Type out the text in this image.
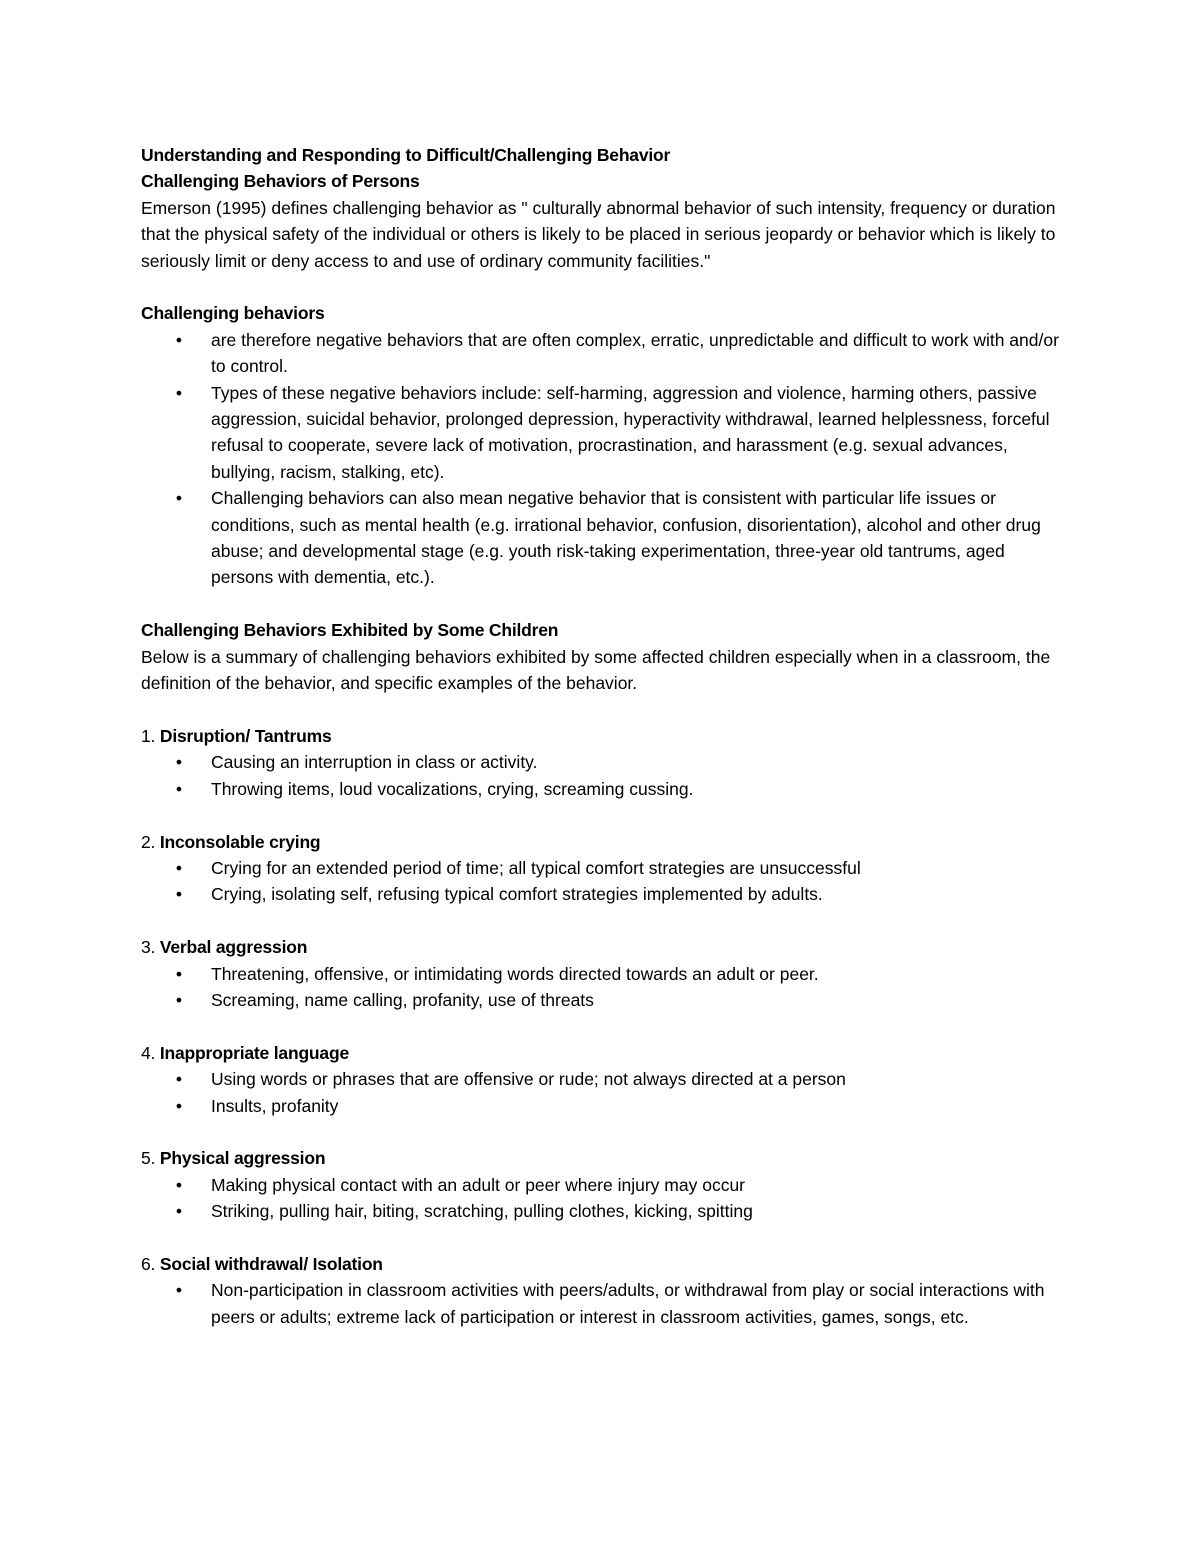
Understanding and Responding to Difficult/Challenging Behavior

Challenging Behaviors of Persons

Emerson (1995) defines challenging behavior as " culturally abnormal behavior of such intensity, frequency or duration that the physical safety of the individual or others is likely to be placed in serious jeopardy or behavior which is likely to seriously limit or deny access to and use of ordinary community facilities."

Challenging behaviors

• are therefore negative behaviors that are often complex, erratic, unpredictable and difficult to work with and/or to control.
• Types of these negative behaviors include: self-harming, aggression and violence, harming others, passive aggression, suicidal behavior, prolonged depression, hyperactivity withdrawal, learned helplessness, forceful refusal to cooperate, severe lack of motivation, procrastination, and harassment (e.g. sexual advances, bullying, racism, stalking, etc).
• Challenging behaviors can also mean negative behavior that is consistent with particular life issues or conditions, such as mental health (e.g. irrational behavior, confusion, disorientation), alcohol and other drug abuse; and developmental stage (e.g. youth risk-taking experimentation, three-year old tantrums, aged persons with dementia, etc.).

Challenging Behaviors Exhibited by Some Children

Below is a summary of challenging behaviors exhibited by some affected children especially when in a classroom, the definition of the behavior, and specific examples of the behavior.

1. Disruption/ Tantrums

• Causing an interruption in class or activity.
• Throwing items, loud vocalizations, crying, screaming cussing.

2. Inconsolable crying

• Crying for an extended period of time; all typical comfort strategies are unsuccessful
• Crying, isolating self, refusing typical comfort strategies implemented by adults.

3. Verbal aggression

• Threatening, offensive, or intimidating words directed towards an adult or peer.
• Screaming, name calling, profanity, use of threats

4. Inappropriate language

• Using words or phrases that are offensive or rude; not always directed at a person
• Insults, profanity

5. Physical aggression

• Making physical contact with an adult or peer where injury may occur
• Striking, pulling hair, biting, scratching, pulling clothes, kicking, spitting

6. Social withdrawal/ Isolation

• Non-participation in classroom activities with peers/adults, or withdrawal from play or social interactions with peers or adults; extreme lack of participation or interest in classroom activities, games, songs, etc.
